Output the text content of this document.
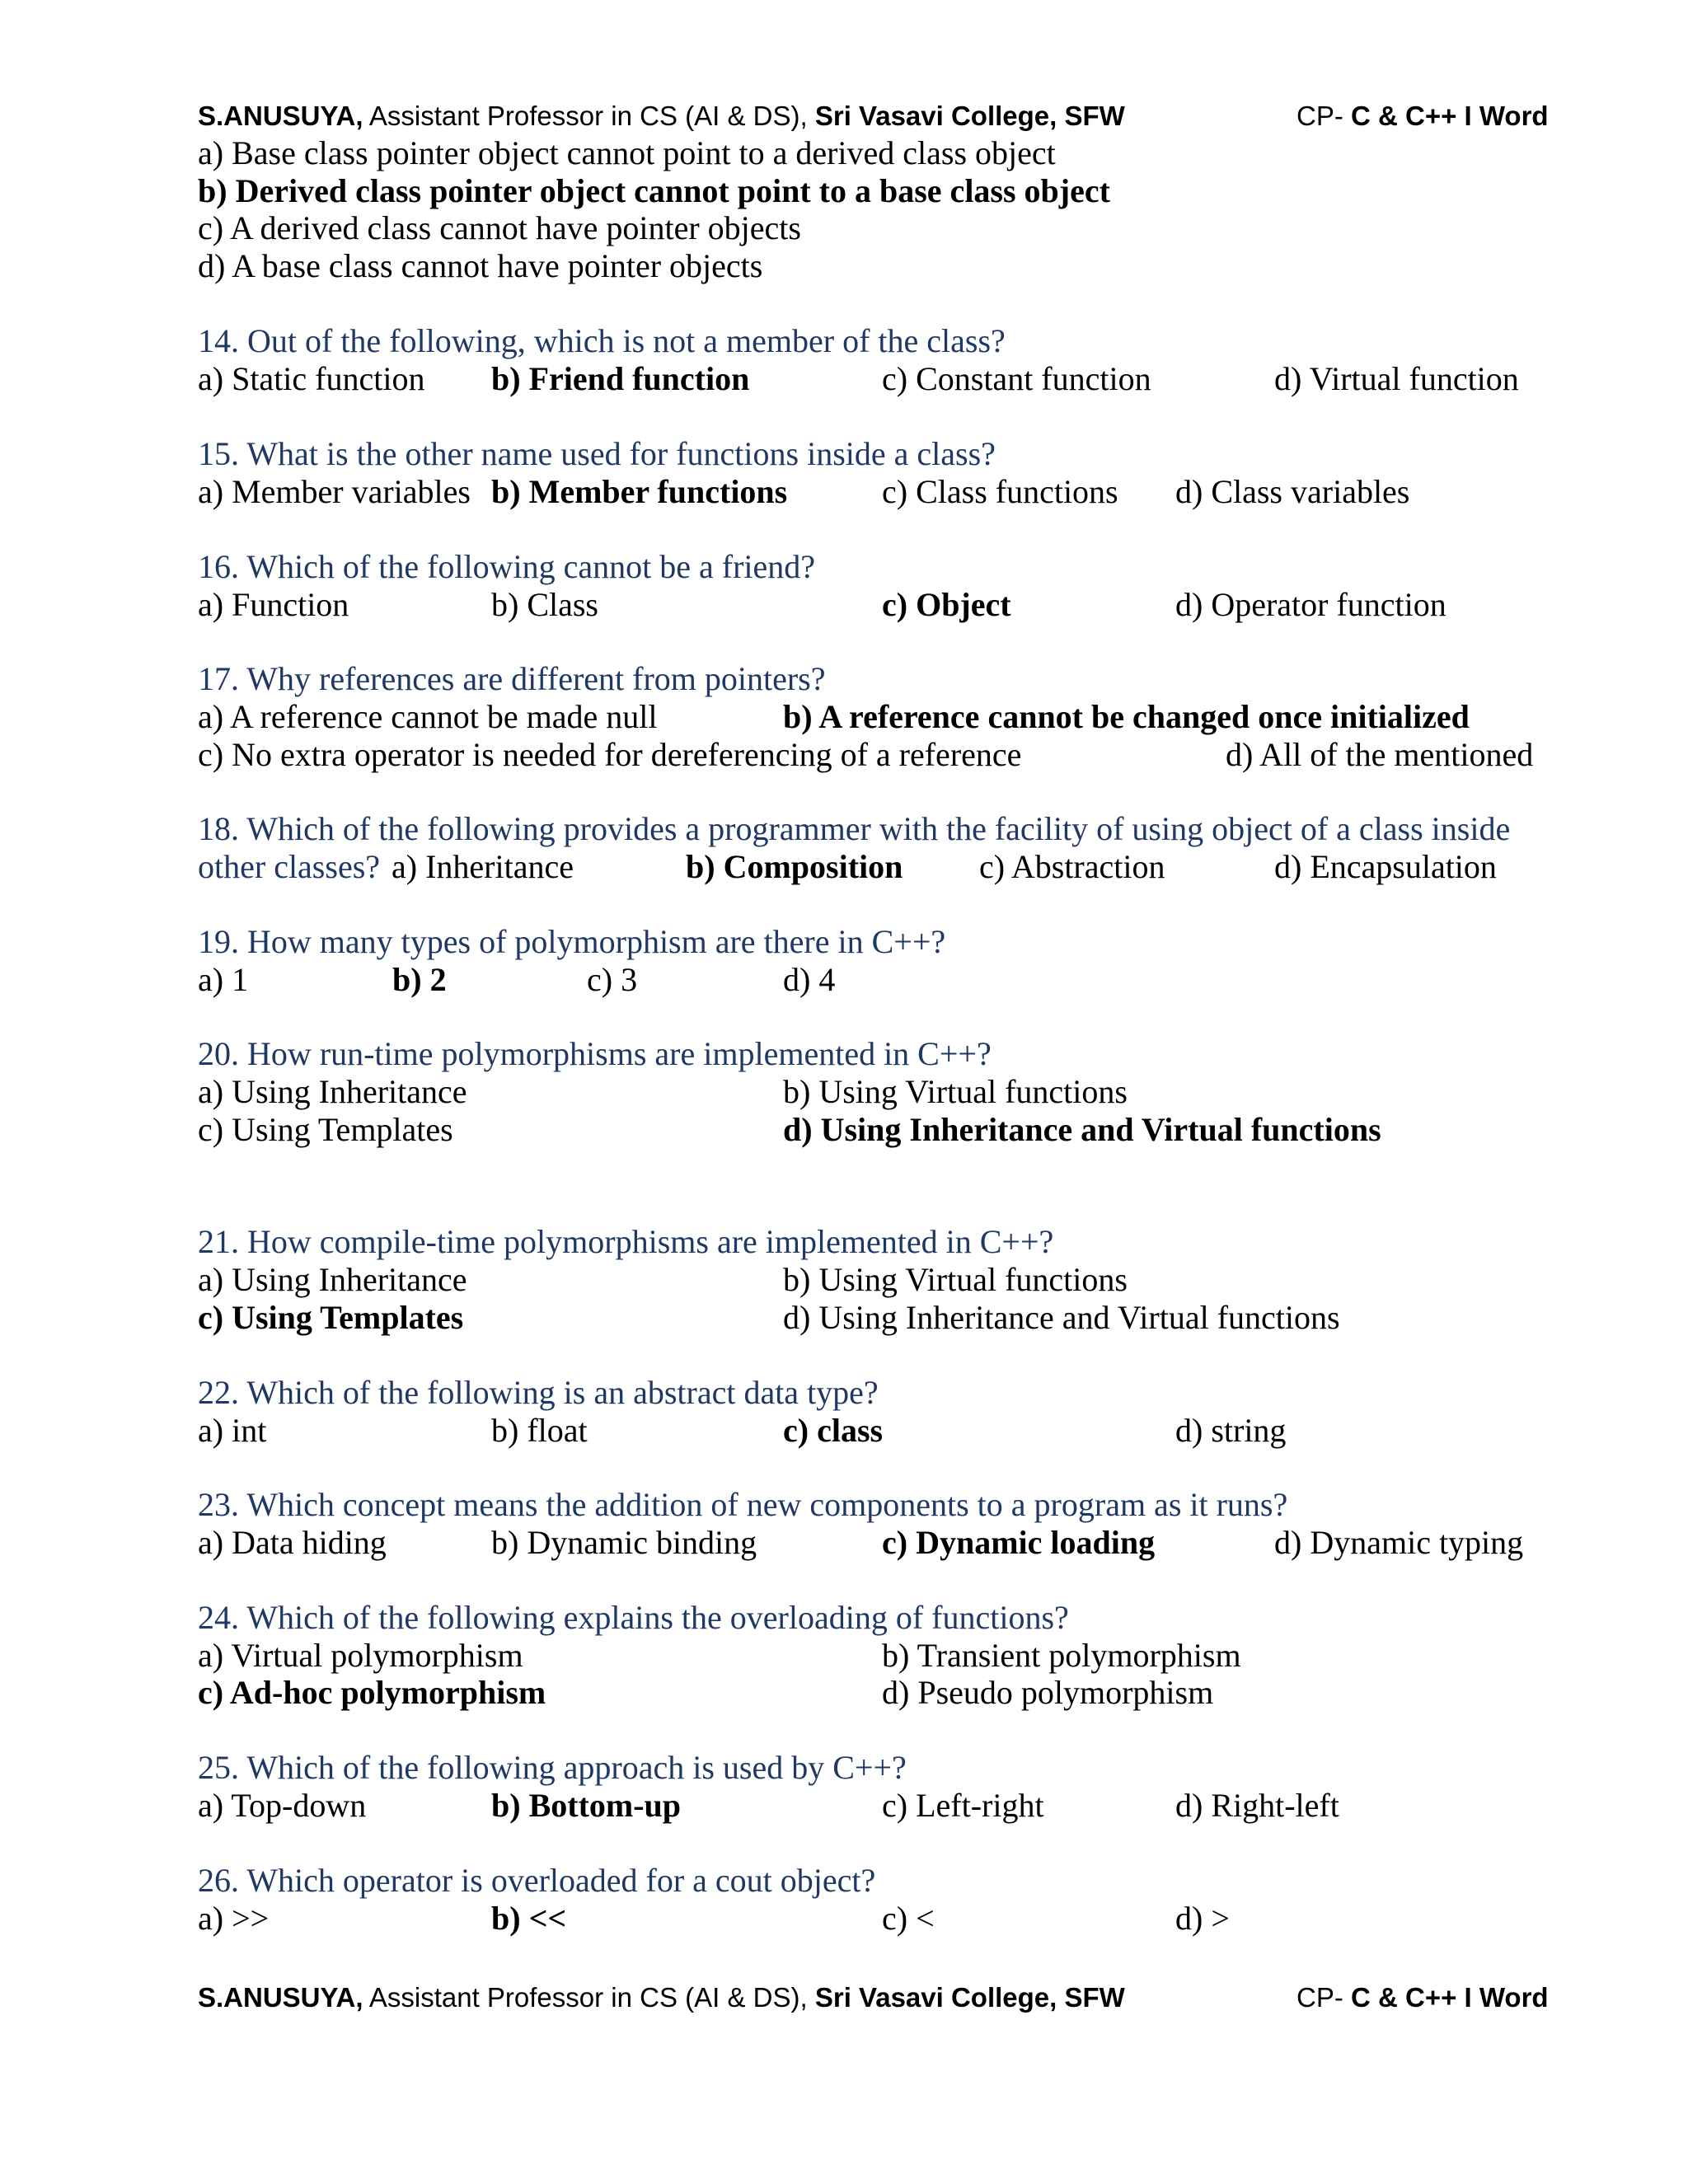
S.ANUSUYA, Assistant Professor in CS (AI & DS), Sri Vasavi College, SFW	CP- C & C++ I Word
a) Base class pointer object cannot point to a derived class object
b) Derived class pointer object cannot point to a base class object
c) A derived class cannot have pointer objects
d) A base class cannot have pointer objects
14. Out of the following, which is not a member of the class?
a) Static function b) Friend function	c) Constant function	d) Virtual function
15. What is the other name used for functions inside a class?
a) Member variables b) Member functions	c) Class functions d) Class variables
16. Which of the following cannot be a friend?
a) Function	b) Class	c) Object	d) Operator function
17. Why references are different from pointers?
a) A reference cannot be made null	b) A reference cannot be changed once initialized
c) No extra operator is needed for dereferencing of a reference	d) All of the mentioned
18. Which of the following provides a programmer with the facility of using object of a class inside
other classes? a) Inheritance	b) Composition c) Abstraction	d) Encapsulation
19. How many types of polymorphism are there in C++?
a) 1	b) 2	c) 3	d) 4
20. How run-time polymorphisms are implemented in C++?
a) Using Inheritance	b) Using Virtual functions
c) Using Templates	d) Using Inheritance and Virtual functions
21. How compile-time polymorphisms are implemented in C++?
a) Using Inheritance	b) Using Virtual functions
c) Using Templates	d) Using Inheritance and Virtual functions
22. Which of the following is an abstract data type?
a) int	b) float	c) class	d) string
23. Which concept means the addition of new components to a program as it runs?
a) Data hiding	b) Dynamic binding	c) Dynamic loading	d) Dynamic typing
24. Which of the following explains the overloading of functions?
a) Virtual polymorphism	b) Transient polymorphism
c) Ad-hoc polymorphism	d) Pseudo polymorphism
25. Which of the following approach is used by C++?
a) Top-down	b) Bottom-up	c) Left-right	d) Right-left
26. Which operator is overloaded for a cout object?
a) >>	b) <<	c) <	d) >
S.ANUSUYA, Assistant Professor in CS (AI & DS), Sri Vasavi College, SFW	CP- C & C++ I Word
